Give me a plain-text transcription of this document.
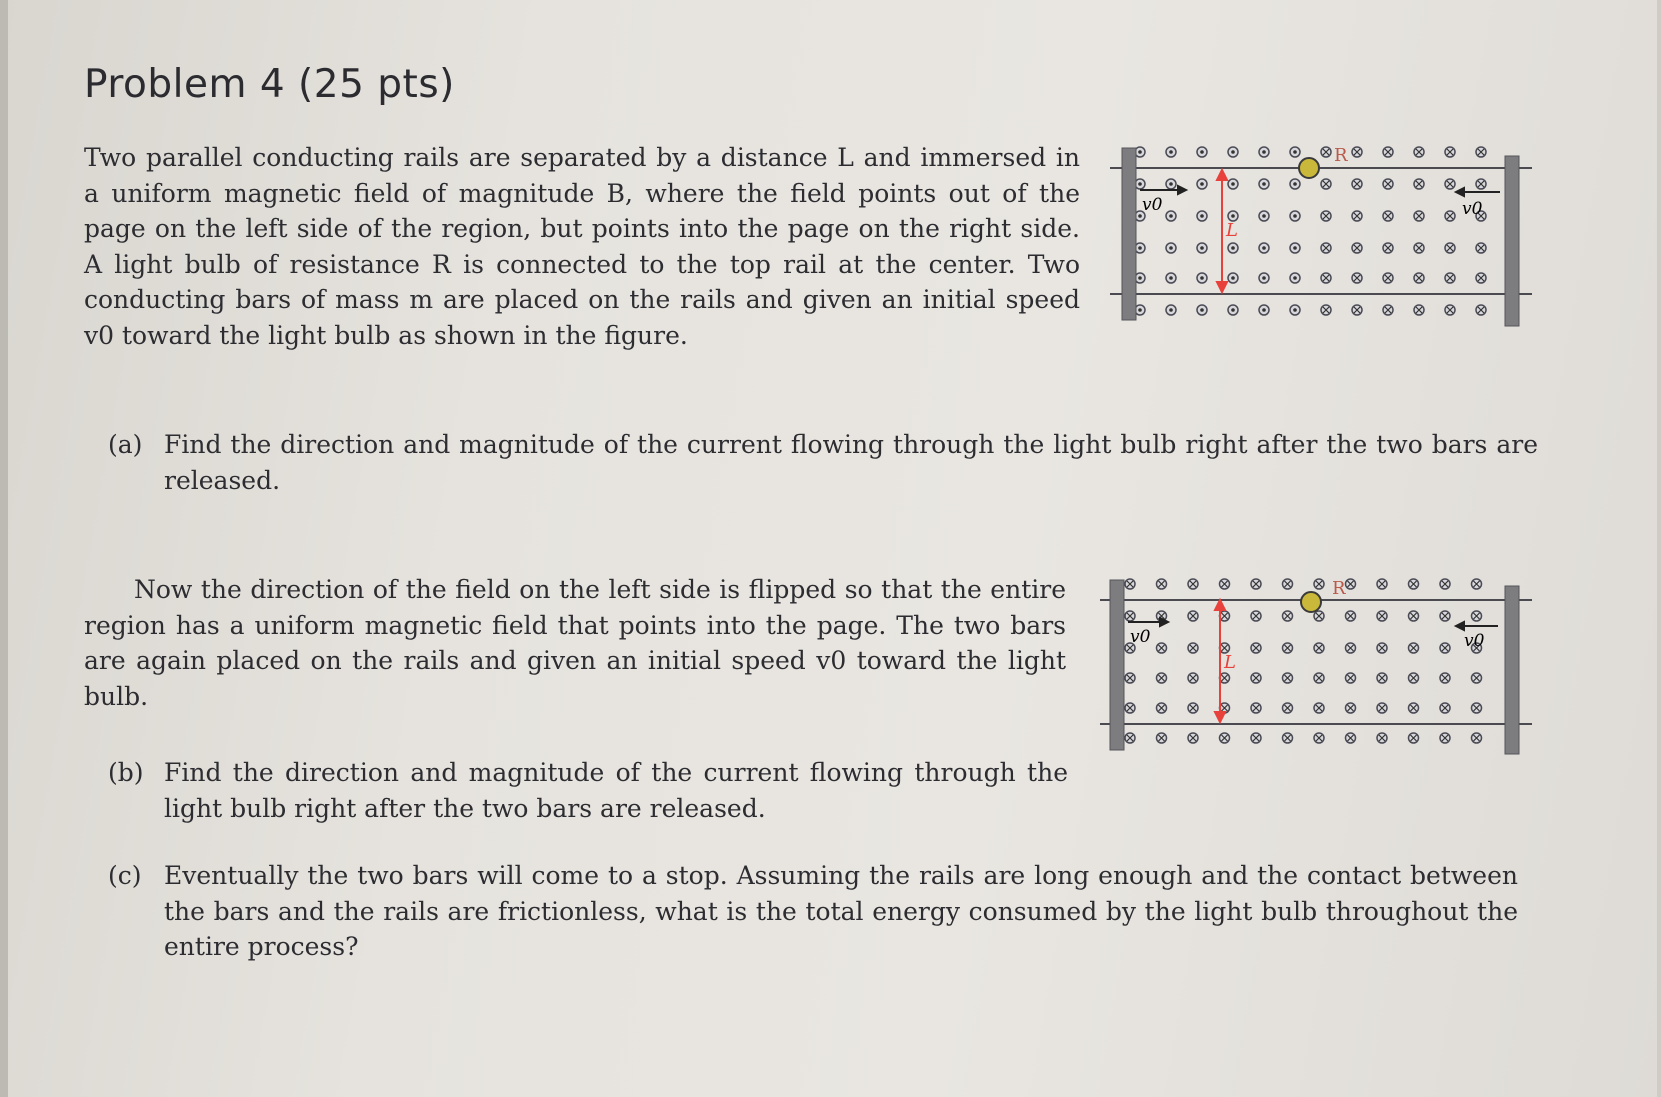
Problem 4 (25 pts)

Two parallel conducting rails are separated by a distance L and immersed in a uniform magnetic field of magnitude B, where the field points out of the page on the left side of the region, but points into the page on the right side. A light bulb of resistance R is connected to the top rail at the center. Two conducting bars of mass m are placed on the rails and given an initial speed v0 toward the light bulb as shown in the figure.

R
L
v0	v0
(a) Find the direction and magnitude of the current flowing through the light bulb right after the two bars are released.

Now the direction of the field on the left side is flipped so that the entire region has a uniform magnetic field that points into the page. The two bars are again placed on the rails and given an initial speed v0 toward the light bulb.

R
L
v0	v0
(b) Find the direction and magnitude of the current flowing through the light bulb right after the two bars are released.
(c) Eventually the two bars will come to a stop. Assuming the rails are long enough and the contact between the bars and the rails are frictionless, what is the total energy consumed by the light bulb throughout the entire process?
